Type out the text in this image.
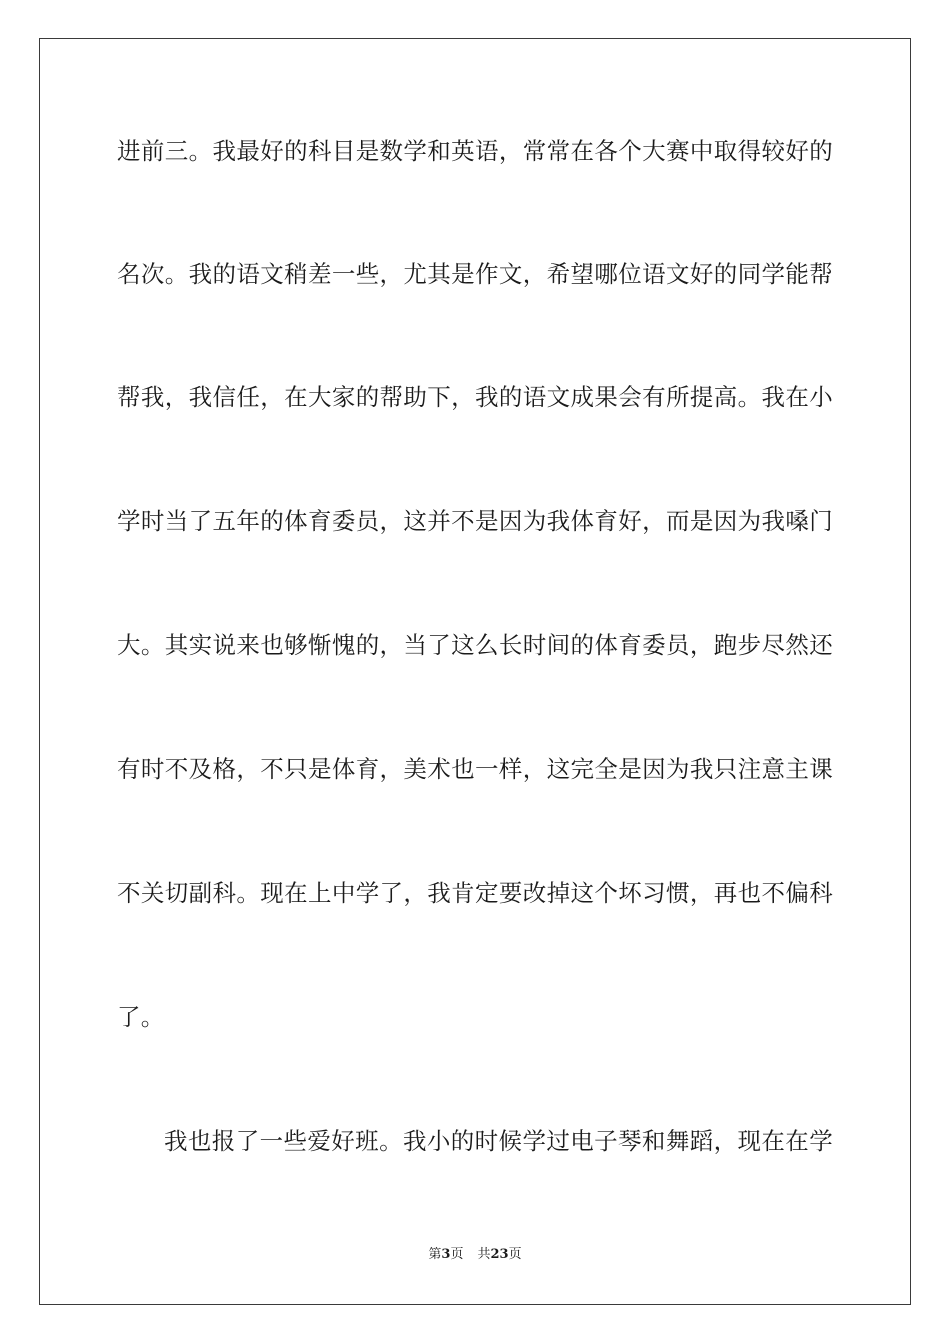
进前三。我最好的科目是数学和英语，常常在各个大赛中取得较好的
名次。我的语文稍差一些，尤其是作文，希望哪位语文好的同学能帮
帮我，我信任，在大家的帮助下，我的语文成果会有所提高。我在小
学时当了五年的体育委员，这并不是因为我体育好，而是因为我嗓门
大。其实说来也够惭愧的，当了这么长时间的体育委员，跑步尽然还
有时不及格，不只是体育，美术也一样，这完全是因为我只注意主课
不关切副科。现在上中学了，我肯定要改掉这个坏习惯，再也不偏科
了。
我也报了一些爱好班。我小的时候学过电子琴和舞蹈，现在在学
第3页 共23页
